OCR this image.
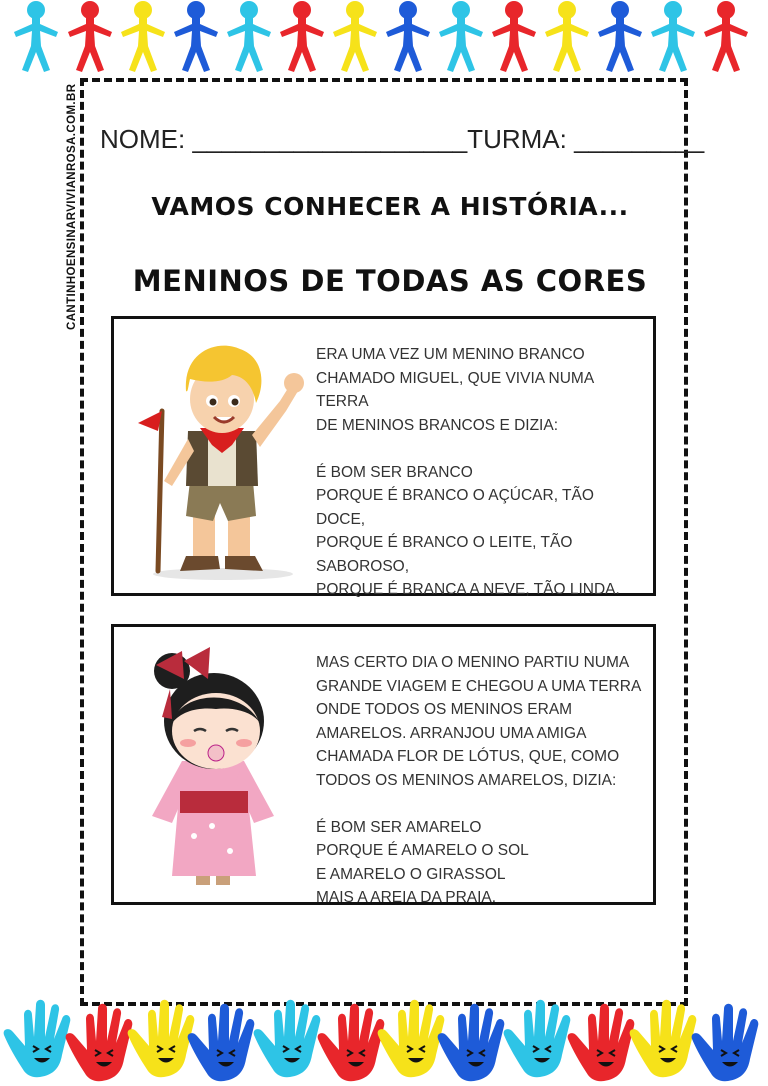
CANTINHOENSINARVIVIANROSA.COM.BR NOME: ___________________TURMA: _________
VAMOS CONHECER A HISTÓRIA...
MENINOS DE TODAS AS CORES
ERA UMA VEZ UM MENINO BRANCO
CHAMADO MIGUEL, QUE VIVIA NUMA TERRA
DE MENINOS BRANCOS E DIZIA:

É BOM SER BRANCO
PORQUE É BRANCO O AÇÚCAR, TÃO
DOCE,
PORQUE É BRANCO O LEITE, TÃO
SABOROSO,
PORQUE É BRANCA A NEVE, TÃO LINDA.
MAS CERTO DIA O MENINO PARTIU NUMA
GRANDE VIAGEM E CHEGOU A UMA TERRA
ONDE TODOS OS MENINOS ERAM
AMARELOS. ARRANJOU UMA AMIGA
CHAMADA FLOR DE LÓTUS, QUE, COMO
TODOS OS MENINOS AMARELOS, DIZIA:

É BOM SER AMARELO
PORQUE É AMARELO O SOL
E AMARELO O GIRASSOL
MAIS A AREIA DA PRAIA.
